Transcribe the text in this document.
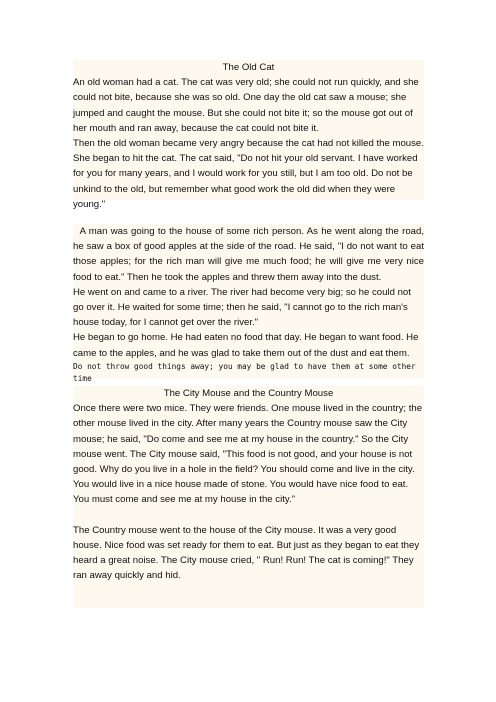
The Old Cat

An old woman had a cat. The cat was very old; she could not run quickly, and she could not bite, because she was so old. One day the old cat saw a mouse; she jumped and caught the mouse. But she could not bite it; so the mouse got out of her mouth and ran away, because the cat could not bite it.

Then the old woman became very angry because the cat had not killed the mouse. She began to hit the cat. The cat said, "Do not hit your old servant. I have worked for you for many years, and I would work for you still, but I am too old. Do not be unkind to the old, but remember what good work the old did when they were young."

A man was going to the house of some rich person. As he went along the road, he saw a box of good apples at the side of the road. He said, "I do not want to eat those apples; for the rich man will give me much food; he will give me very nice food to eat." Then he took the apples and threw them away into the dust.

He went on and came to a river. The river had become very big; so he could not go over it. He waited for some time; then he said, "I cannot go to the rich man's house today, for I cannot get over the river."

He began to go home. He had eaten no food that day. He began to want food. He came to the apples, and he was glad to take them out of the dust and eat them.

Do not throw good things away; you may be glad to have them at some other time

The City Mouse and the Country Mouse

Once there were two mice. They were friends. One mouse lived in the country; the other mouse lived in the city. After many years the Country mouse saw the City mouse; he said, "Do come and see me at my house in the country." So the City mouse went. The City mouse said, "This food is not good, and your house is not good. Why do you live in a hole in the field? You should come and live in the city. You would live in a nice house made of stone. You would have nice food to eat. You must come and see me at my house in the city."

The Country mouse went to the house of the City mouse. It was a very good house. Nice food was set ready for them to eat. But just as they began to eat they heard a great noise. The City mouse cried, " Run! Run! The cat is coming!" They ran away quickly and hid.
